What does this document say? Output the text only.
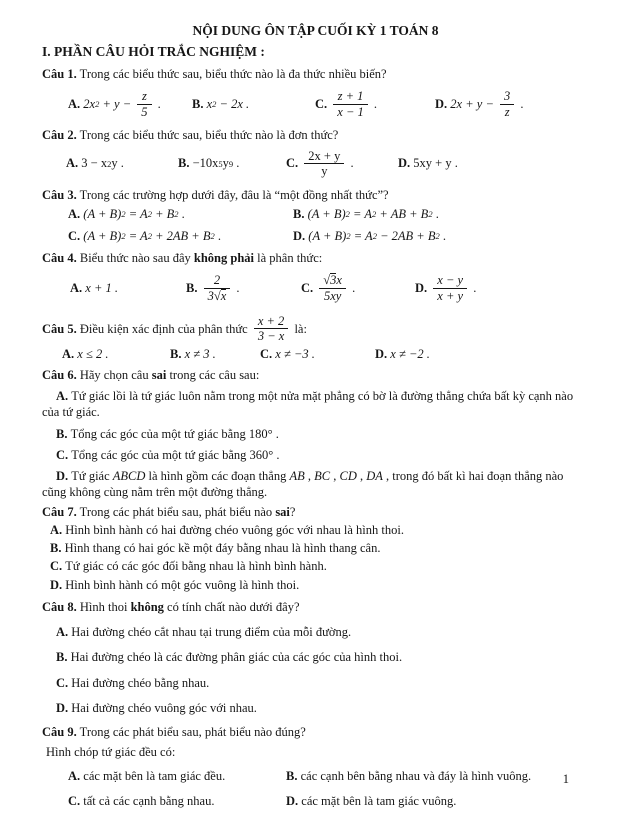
NỘI DUNG ÔN TẬP CUỐI KỲ 1 TOÁN 8
I. PHẦN CÂU HỎI TRẮC NGHIỆM :
Câu 1. Trong các biểu thức sau, biểu thức nào là đa thức nhiều biến?
A. 2x $2 + y - \frac{z}{5}$ . B. x 2 − 2x .	C. $\frac{z + 1}{x - 1}$ .	D. $2x + y - \frac{3}{z}$ .
Câu 2. Trong các biểu thức sau, biểu thức nào là đơn thức?
A. 3 − x 2 y .	B. −10x 5 y 9 .	C. $\frac{2x + y}{y}$ .	D. 5xy + y .
Câu 3. Trong các trường hợp dưới đây, đâu là “một đồng nhất thức”?
A. (A + B) 2 = A 2 + B 2 .	B. (A + B) 2 = A 2 + AB + B 2 .
C. (A + B) 2 = A 2 + 2AB + B 2 .	D. (A + B) 2 = A 2 − 2AB + B 2 .
Câu 4. Biểu thức nào sau đây không phải là phân thức:
A. x + 1 .	B. $\frac{2}{3 √ x}$ .	C. $\frac{√ 3 x}{5xy}$ .	D. $\frac{x - y}{x + y}$ .
Câu 5. Điều kiện xác định của phân thức $\frac{x + 2}{3 - x}$ là:
A. x ≤ 2 .	B. x ≠ 3 .	C. x ≠ −3 .	D. x ≠ −2 .
Câu 6. Hãy chọn câu sai trong các câu sau:
A. Tứ giác lồi là tứ giác luôn nằm trong một nửa mặt phẳng có bờ là đường thẳng chứa bất kỳ cạnh nào của tứ giác.
B. Tổng các góc của một tứ giác bằng 180° .
C. Tổng các góc của một tứ giác bằng 360° .
D. Tứ giác ABCD là hình gồm các đoạn thẳng AB , BC , CD , DA , trong đó bất kì hai đoạn thẳng nào cũng không cùng nằm trên một đường thẳng.
Câu 7. Trong các phát biểu sau, phát biểu nào sai?
A. Hình bình hành có hai đường chéo vuông góc với nhau là hình thoi.
B. Hình thang có hai góc kề một đáy bằng nhau là hình thang cân.
C. Tứ giác có các góc đối bằng nhau là hình bình hành.
D. Hình bình hành có một góc vuông là hình thoi.
Câu 8. Hình thoi không có tính chất nào dưới đây?
A. Hai đường chéo cắt nhau tại trung điểm của mỗi đường.
B. Hai đường chéo là các đường phân giác của các góc của hình thoi.
C. Hai đường chéo bằng nhau.
D. Hai đường chéo vuông góc với nhau.
Câu 9. Trong các phát biểu sau, phát biểu nào đúng?
Hình chóp tứ giác đều có:
A. các mặt bên là tam giác đều.	B. các cạnh bên bằng nhau và đáy là hình vuông.
C. tất cả các cạnh bằng nhau.	D. các mặt bên là tam giác vuông.
1
